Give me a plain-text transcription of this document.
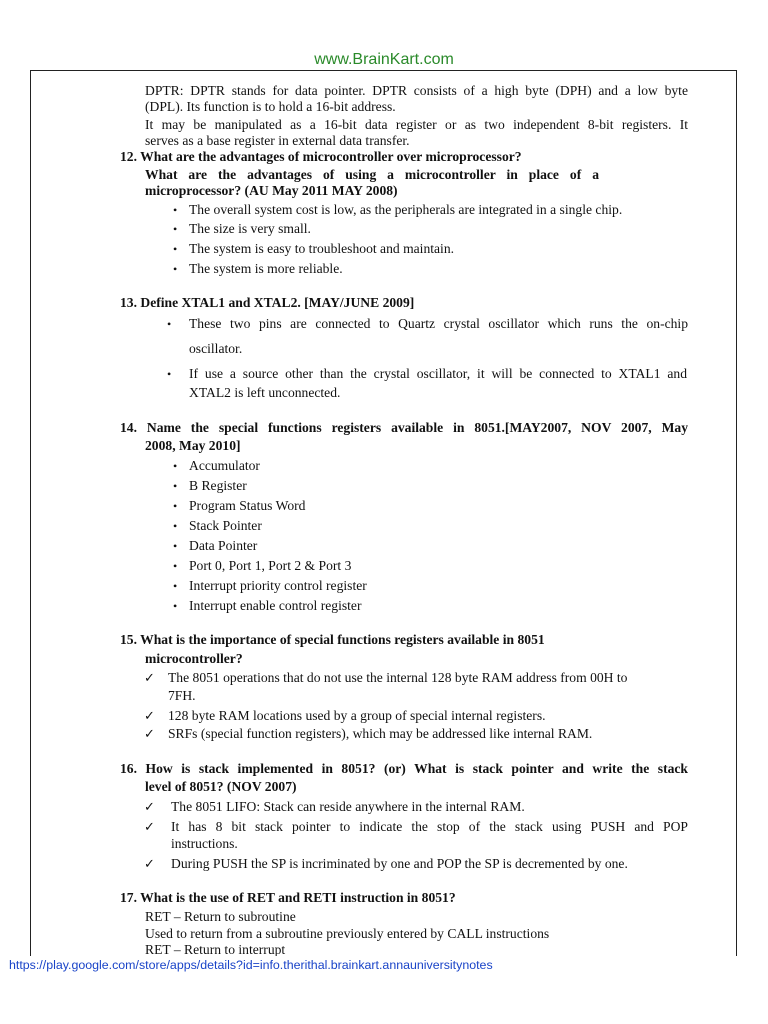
www.BrainKart.com
DPTR: DPTR stands for data pointer. DPTR consists of a high byte (DPH) and a low byte
(DPL). Its function is to hold a 16-bit address.
It may be manipulated as a 16-bit data register or as two independent 8-bit registers. It
serves as a base register in external data transfer.
12. What are the advantages of microcontroller over microprocessor?
What are the advantages of using a microcontroller in place of a
microprocessor? (AU May 2011 MAY 2008)
• The overall system cost is low, as the peripherals are integrated in a single chip.
• The size is very small.
• The system is easy to troubleshoot and maintain.
• The system is more reliable.
13. Define XTAL1 and XTAL2. [MAY/JUNE 2009]
• These two pins are connected to Quartz crystal oscillator which runs the on-chip
oscillator.
• If use a source other than the crystal oscillator, it will be connected to XTAL1 and
XTAL2 is left unconnected.
14. Name the special functions registers available in 8051.[MAY2007, NOV 2007, May
2008, May 2010]
• Accumulator
• B Register
• Program Status Word
• Stack Pointer
• Data Pointer
• Port 0, Port 1, Port 2 & Port 3
• Interrupt priority control register
• Interrupt enable control register
15. What is the importance of special functions registers available in 8051
microcontroller?
✓ The 8051 operations that do not use the internal 128 byte RAM address from 00H to
7FH.
✓ 128 byte RAM locations used by a group of special internal registers.
✓ SRFs (special function registers), which may be addressed like internal RAM.
16. How is stack implemented in 8051? (or) What is stack pointer and write the stack
level of 8051? (NOV 2007)
✓ The 8051 LIFO: Stack can reside anywhere in the internal RAM.
✓ It has 8 bit stack pointer to indicate the stop of the stack using PUSH and POP
instructions.
✓ During PUSH the SP is incriminated by one and POP the SP is decremented by one.
17. What is the use of RET and RETI instruction in 8051?
RET – Return to subroutine
Used to return from a subroutine previously entered by CALL instructions
RET – Return to interrupt
https://play.google.com/store/apps/details?id=info.therithal.brainkart.annauniversitynotes
